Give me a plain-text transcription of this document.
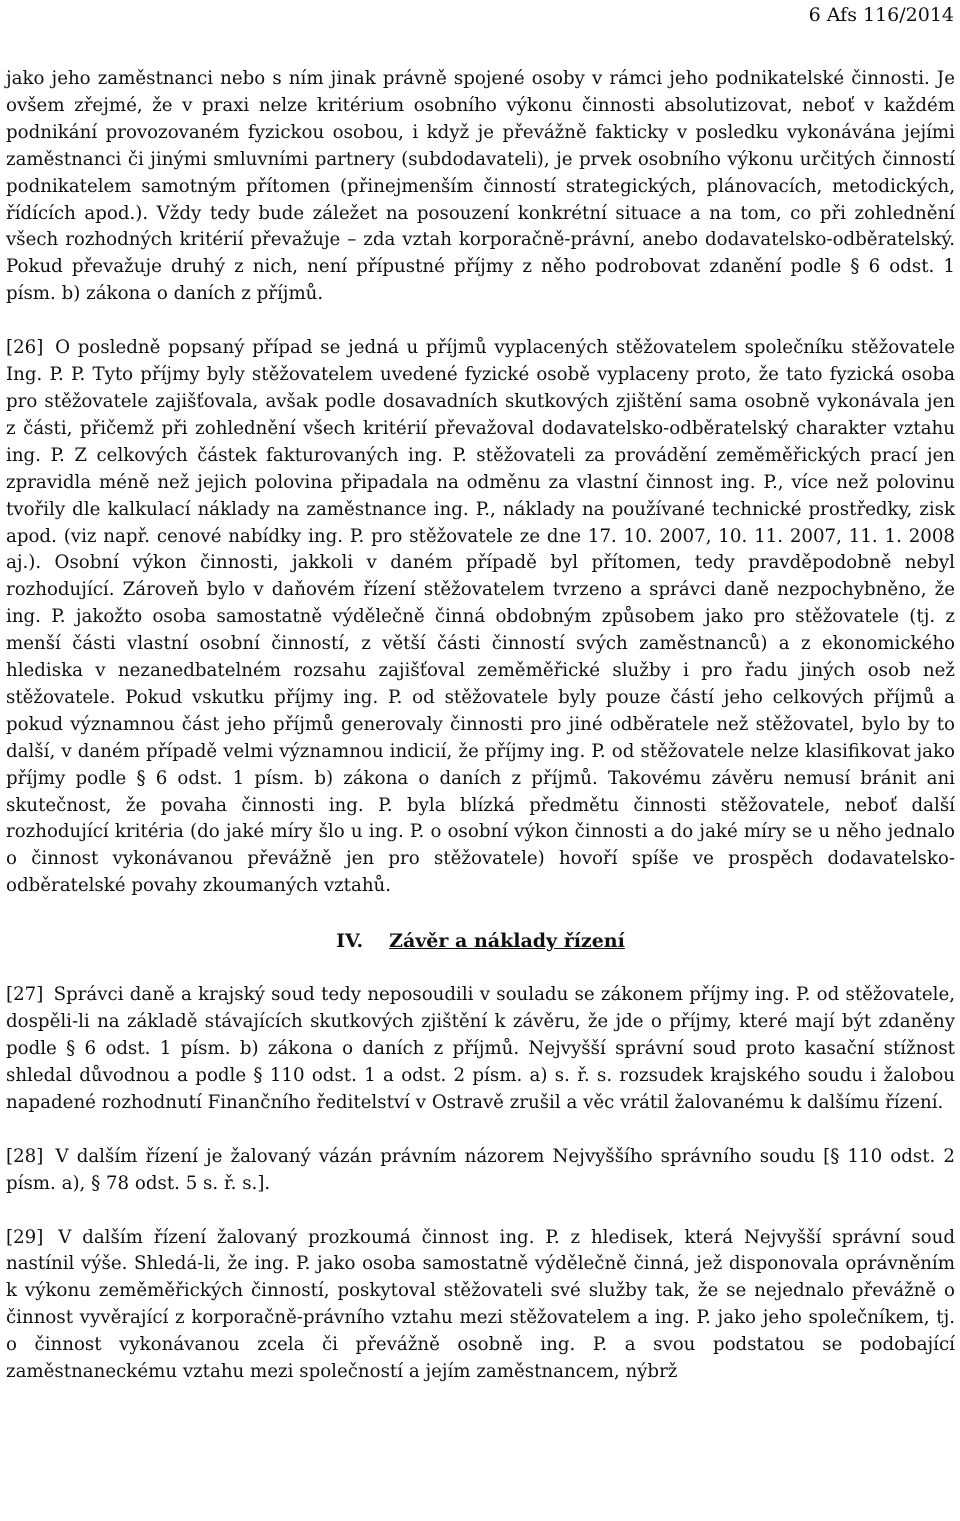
6 Afs 116/2014

jako jeho zaměstnanci nebo s ním jinak právně spojené osoby v rámci jeho podnikatelské činnosti. Je ovšem zřejmé, že v praxi nelze kritérium osobního výkonu činnosti absolutizovat, neboť v každém podnikání provozovaném fyzickou osobou, i když je převážně fakticky v posledku vykonávána jejími zaměstnanci či jinými smluvními partnery (subdodavateli), je prvek osobního výkonu určitých činností podnikatelem samotným přítomen (přinejmenším činností strategických, plánovacích, metodických, řídících apod.). Vždy tedy bude záležet na posouzení konkrétní situace a na tom, co při zohlednění všech rozhodných kritérií převažuje – zda vztah korporačně-právní, anebo dodavatelsko-odběratelský. Pokud převažuje druhý z nich, není přípustné příjmy z něho podrobovat zdanění podle § 6 odst. 1 písm. b) zákona o daních z příjmů.

[26] O posledně popsaný případ se jedná u příjmů vyplacených stěžovatelem společníku stěžovatele Ing. P. P. Tyto příjmy byly stěžovatelem uvedené fyzické osobě vyplaceny proto, že tato fyzická osoba pro stěžovatele zajišťovala, avšak podle dosavadních skutkových zjištění sama osobně vykonávala jen z části, přičemž při zohlednění všech kritérií převažoval dodavatelsko-odběratelský charakter vztahu ing. P. Z celkových částek fakturovaných ing. P. stěžovateli za provádění zeměměřických prací jen zpravidla méně než jejich polovina připadala na odměnu za vlastní činnost ing. P., více než polovinu tvořily dle kalkulací náklady na zaměstnance ing. P., náklady na používané technické prostředky, zisk apod. (viz např. cenové nabídky ing. P. pro stěžovatele ze dne 17. 10. 2007, 10. 11. 2007, 11. 1. 2008 aj.). Osobní výkon činnosti, jakkoli v daném případě byl přítomen, tedy pravděpodobně nebyl rozhodující. Zároveň bylo v daňovém řízení stěžovatelem tvrzeno a správci daně nezpochybněno, že ing. P. jakožto osoba samostatně výdělečně činná obdobným způsobem jako pro stěžovatele (tj. z menší části vlastní osobní činností, z větší části činností svých zaměstnanců) a z ekonomického hlediska v nezanedbatelném rozsahu zajišťoval zeměměřické služby i pro řadu jiných osob než stěžovatele. Pokud vskutku příjmy ing. P. od stěžovatele byly pouze částí jeho celkových příjmů a pokud významnou část jeho příjmů generovaly činnosti pro jiné odběratele než stěžovatel, bylo by to další, v daném případě velmi významnou indicií, že příjmy ing. P. od stěžovatele nelze klasifikovat jako příjmy podle § 6 odst. 1 písm. b) zákona o daních z příjmů. Takovému závěru nemusí bránit ani skutečnost, že povaha činnosti ing. P. byla blízká předmětu činnosti stěžovatele, neboť další rozhodující kritéria (do jaké míry šlo u ing. P. o osobní výkon činnosti a do jaké míry se u něho jednalo o činnost vykonávanou převážně jen pro stěžovatele) hovoří spíše ve prospěch dodavatelsko-odběratelské povahy zkoumaných vztahů.

IV. Závěr a náklady řízení

[27] Správci daně a krajský soud tedy neposoudili v souladu se zákonem příjmy ing. P. od stěžovatele, dospěli-li na základě stávajících skutkových zjištění k závěru, že jde o příjmy, které mají být zdaněny podle § 6 odst. 1 písm. b) zákona o daních z příjmů. Nejvyšší správní soud proto kasační stížnost shledal důvodnou a podle § 110 odst. 1 a odst. 2 písm. a) s. ř. s. rozsudek krajského soudu i žalobou napadené rozhodnutí Finančního ředitelství v Ostravě zrušil a věc vrátil žalovanému k dalšímu řízení.

[28] V dalším řízení je žalovaný vázán právním názorem Nejvyššího správního soudu [§ 110 odst. 2 písm. a), § 78 odst. 5 s. ř. s.].

[29] V dalším řízení žalovaný prozkoumá činnost ing. P. z hledisek, která Nejvyšší správní soud nastínil výše. Shledá-li, že ing. P. jako osoba samostatně výdělečně činná, jež disponovala oprávněním k výkonu zeměměřických činností, poskytoval stěžovateli své služby tak, že se nejednalo převážně o činnost vyvěrající z korporačně-právního vztahu mezi stěžovatelem a ing. P. jako jeho společníkem, tj. o činnost vykonávanou zcela či převážně osobně ing. P. a svou podstatou se podobající zaměstnaneckému vztahu mezi společností a jejím zaměstnancem, nýbrž
